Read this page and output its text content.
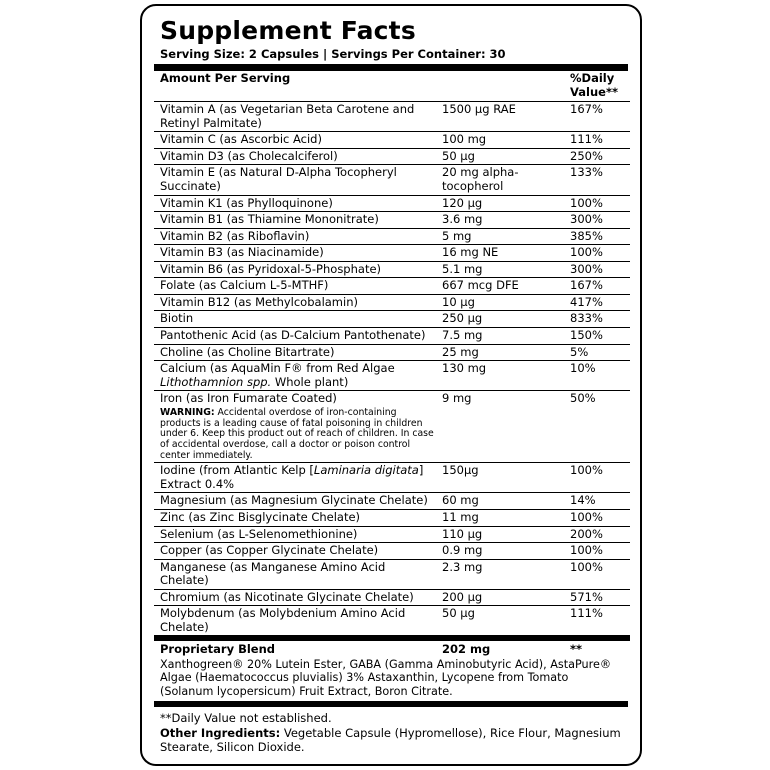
Supplement Facts
Serving Size: 2 Capsules | Servings Per Container: 30
Amount Per Serving		%Daily Value**
Vitamin A (as Vegetarian Beta Carotene and Retinyl Palmitate)	1500 µg RAE	167%
Vitamin C (as Ascorbic Acid)	100 mg	111%
Vitamin D3 (as Cholecalciferol)	50 µg	250%
Vitamin E (as Natural D-Alpha Tocopheryl Succinate)	20 mg alpha-tocopherol	133%
Vitamin K1 (as Phylloquinone)	120 µg	100%
Vitamin B1 (as Thiamine Mononitrate)	3.6 mg	300%
Vitamin B2 (as Riboflavin)	5 mg	385%
Vitamin B3 (as Niacinamide)	16 mg NE	100%
Vitamin B6 (as Pyridoxal-5-Phosphate)	5.1 mg	300%
Folate (as Calcium L-5-MTHF)	667 mcg DFE	167%
Vitamin B12 (as Methylcobalamin)	10 µg	417%
Biotin	250 µg	833%
Pantothenic Acid (as D-Calcium Pantothenate)	7.5 mg	150%
Choline (as Choline Bitartrate)	25 mg	5%
Calcium (as AquaMin F® from Red Algae Lithothamnion spp. Whole plant)	130 mg	10%

Iron (as Iron Fumarate Coated)
WARNING: Accidental overdose of iron-containing products is a leading cause of fatal poisoning in children under 6. Keep this product out of reach of children. In case of accidental overdose, call a doctor or poison control center immediately.	9 mg	50%
Iodine (from Atlantic Kelp [Laminaria digitata] Extract 0.4%	150µg	100%
Magnesium (as Magnesium Glycinate Chelate)	60 mg	14%
Zinc (as Zinc Bisglycinate Chelate)	11 mg	100%
Selenium (as L-Selenomethionine)	110 µg	200%
Copper (as Copper Glycinate Chelate)	0.9 mg	100%
Manganese (as Manganese Amino Acid Chelate)	2.3 mg	100%
Chromium (as Nicotinate Glycinate Chelate)	200 µg	571%
Molybdenum (as Molybdenium Amino Acid Chelate)	50 µg	111%
Proprietary Blend	202 mg	**
Xanthogreen® 20% Lutein Ester, GABA (Gamma Aminobutyric Acid), AstaPure® Algae (Haematococcus pluvialis) 3% Astaxanthin, Lycopene from Tomato (Solanum lycopersicum) Fruit Extract, Boron Citrate.
**Daily Value not established.
Other Ingredients: Vegetable Capsule (Hypromellose), Rice Flour, Magnesium Stearate, Silicon Dioxide.
